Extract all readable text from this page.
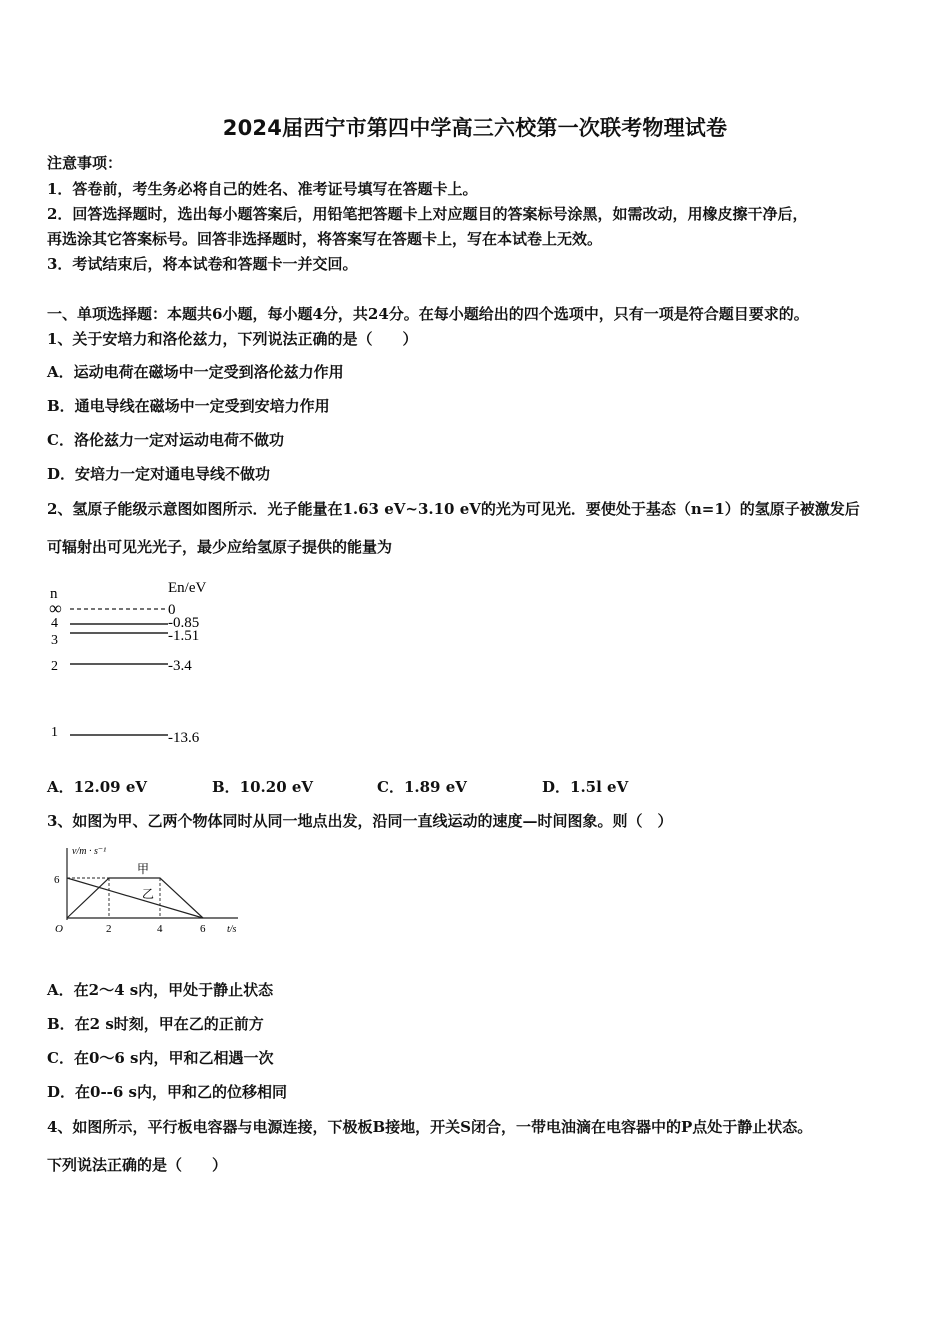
2024届西宁市第四中学高三六校第一次联考物理试卷
注意事项：
1．答卷前，考生务必将自己的姓名、准考证号填写在答题卡上。
2．回答选择题时，选出每小题答案后，用铅笔把答题卡上对应题目的答案标号涂黑，如需改动，用橡皮擦干净后，
再选涂其它答案标号。回答非选择题时，将答案写在答题卡上，写在本试卷上无效。
3．考试结束后，将本试卷和答题卡一并交回。
一、单项选择题：本题共6小题，每小题4分，共24分。在每小题给出的四个选项中，只有一项是符合题目要求的。
1、关于安培力和洛伦兹力，下列说法正确的是（　　）
A．运动电荷在磁场中一定受到洛伦兹力作用
B．通电导线在磁场中一定受到安培力作用
C．洛伦兹力一定对运动电荷不做功
D．安培力一定对通电导线不做功
2、氢原子能级示意图如图所示．光子能量在1.63 eV~3.10 eV的光为可见光．要使处于基态（n=1）的氢原子被激发后
可辐射出可见光光子，最少应给氢原子提供的能量为
n	En/eV
∞
4
3
2
1
0
-0.85
-1.51
-3.4
-13.6
A．12.09 eV	B．10.20 eV	C．1.89 eV	D．1.5l eV
3、如图为甲、乙两个物体同时从同一地点出发，沿同一直线运动的速度—时间图象。则（　）
v/m · s⁻¹
t/s
O
6
2	4	6
甲
乙
A．在2～4 s内，甲处于静止状态
B．在2 s时刻，甲在乙的正前方
C．在0～6 s内，甲和乙相遇一次
D．在0--6 s内，甲和乙的位移相同
4、如图所示，平行板电容器与电源连接，下极板B接地，开关S闭合，一带电油滴在电容器中的P点处于静止状态。
下列说法正确的是（　　）
